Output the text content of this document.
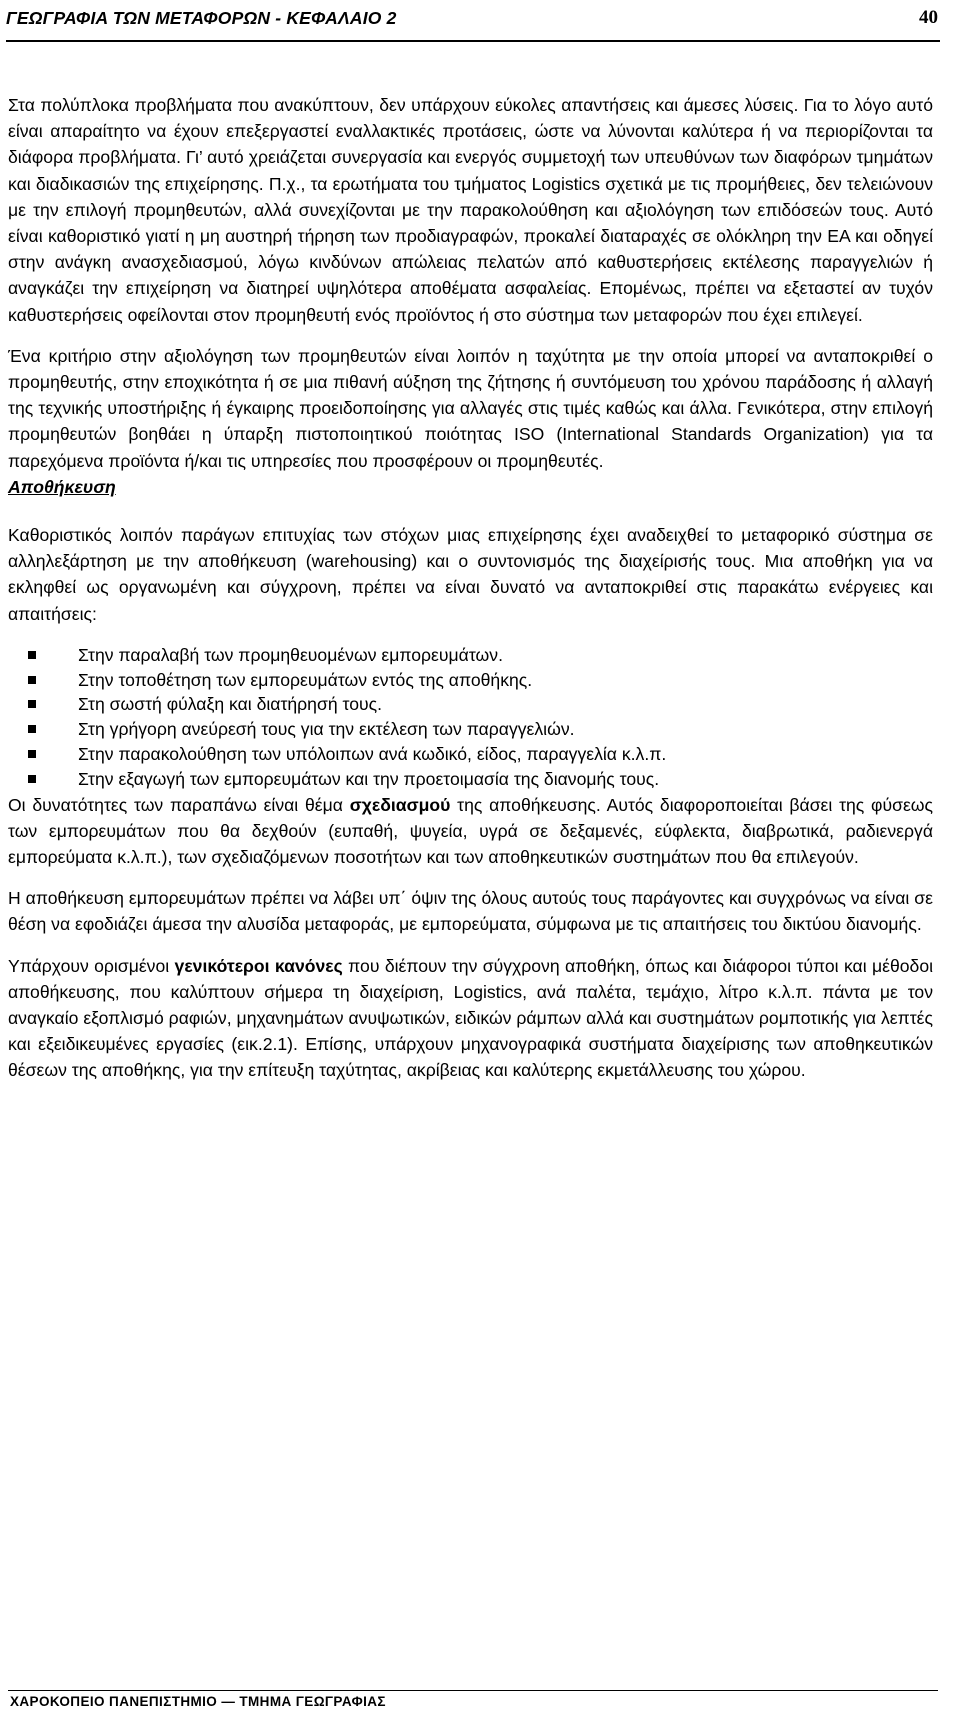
ΓΕΩΓΡΑΦΙΑ ΤΩΝ ΜΕΤΑΦΟΡΩΝ - ΚΕΦΑΛΑΙΟ 2	40

Στα πολύπλοκα προβλήματα που ανακύπτουν, δεν υπάρχουν εύκολες απαντήσεις και άμεσες λύσεις. Για το λόγο αυτό είναι απαραίτητο να έχουν επεξεργαστεί εναλλακτικές προτάσεις, ώστε να λύνονται καλύτερα ή να περιορίζονται τα διάφορα προβλήματα. Γι’ αυτό χρειάζεται συνεργασία και ενεργός συμμετοχή των υπευθύνων των διαφόρων τμημάτων και διαδικασιών της επιχείρησης. Π.χ., τα ερωτήματα του τμήματος Logistics σχετικά με τις προμήθειες, δεν τελειώνουν με την επιλογή προμηθευτών, αλλά συνεχίζονται με την παρακολούθηση και αξιολόγηση των επιδόσεών τους. Αυτό είναι καθοριστικό γιατί η μη αυστηρή τήρηση των προδιαγραφών, προκαλεί διαταραχές σε ολόκληρη την ΕΑ και οδηγεί στην ανάγκη ανασχεδιασμού, λόγω κινδύνων απώλειας πελατών από καθυστερήσεις εκτέλεσης παραγγελιών ή αναγκάζει την επιχείρηση να διατηρεί υψηλότερα αποθέματα ασφαλείας. Επομένως, πρέπει να εξεταστεί αν τυχόν καθυστερήσεις οφείλονται στον προμηθευτή ενός προϊόντος ή στο σύστημα των μεταφορών που έχει επιλεγεί.

Ένα κριτήριο στην αξιολόγηση των προμηθευτών είναι λοιπόν η ταχύτητα με την οποία μπορεί να ανταποκριθεί ο προμηθευτής, στην εποχικότητα ή σε μια πιθανή αύξηση της ζήτησης ή συντόμευση του χρόνου παράδοσης ή αλλαγή της τεχνικής υποστήριξης ή έγκαιρης προειδοποίησης για αλλαγές στις τιμές καθώς και άλλα. Γενικότερα, στην επιλογή προμηθευτών βοηθάει η ύπαρξη πιστοποιητικού ποιότητας ISO (International Standards Organization) για τα παρεχόμενα προϊόντα ή/και τις υπηρεσίες που προσφέρουν οι προμηθευτές.

Αποθήκευση

Καθοριστικός λοιπόν παράγων επιτυχίας των στόχων μιας επιχείρησης έχει αναδειχθεί το μεταφορικό σύστημα σε αλληλεξάρτηση με την αποθήκευση (warehousing) και ο συντονισμός της διαχείρισής τους. Μια αποθήκη για να εκληφθεί ως οργανωμένη και σύγχρονη, πρέπει να είναι δυνατό να ανταποκριθεί στις παρακάτω ενέργειες και απαιτήσεις:

Στην παραλαβή των προμηθευομένων εμπορευμάτων.
Στην τοποθέτηση των εμπορευμάτων εντός της αποθήκης.
Στη σωστή φύλαξη και διατήρησή τους.
Στη γρήγορη ανεύρεσή τους για την εκτέλεση των παραγγελιών.
Στην παρακολούθηση των υπόλοιπων ανά κωδικό, είδος, παραγγελία κ.λ.π.
Στην εξαγωγή των εμπορευμάτων και την προετοιμασία της διανομής τους.

Οι δυνατότητες των παραπάνω είναι θέμα σχεδιασμού της αποθήκευσης. Αυτός διαφοροποιείται βάσει της φύσεως των εμπορευμάτων που θα δεχθούν (ευπαθή, ψυγεία, υγρά σε δεξαμενές, εύφλεκτα, διαβρωτικά, ραδιενεργά εμπορεύματα κ.λ.π.), των σχεδιαζόμενων ποσοτήτων και των αποθηκευτικών συστημάτων που θα επιλεγούν.

Η αποθήκευση εμπορευμάτων πρέπει να λάβει υπ΄ όψιν της όλους αυτούς τους παράγοντες και συγχρόνως να είναι σε θέση να εφοδιάζει άμεσα την αλυσίδα μεταφοράς, με εμπορεύματα, σύμφωνα με τις απαιτήσεις του δικτύου διανομής.

Υπάρχουν ορισμένοι γενικότεροι κανόνες που διέπουν την σύγχρονη αποθήκη, όπως και διάφοροι τύποι και μέθοδοι αποθήκευσης, που καλύπτουν σήμερα τη διαχείριση, Logistics, ανά παλέτα, τεμάχιο, λίτρο κ.λ.π. πάντα με τον αναγκαίο εξοπλισμό ραφιών, μηχανημάτων ανυψωτικών, ειδικών ράμπων αλλά και συστημάτων ρομποτικής για λεπτές και εξειδικευμένες εργασίες (εικ.2.1). Επίσης, υπάρχουν μηχανογραφικά συστήματα διαχείρισης των αποθηκευτικών θέσεων της αποθήκης, για την επίτευξη ταχύτητας, ακρίβειας και καλύτερης εκμετάλλευσης του χώρου.

ΧΑΡΟΚΟΠΕΙΟ ΠΑΝΕΠΙΣΤΗΜΙΟ — ΤΜΗΜΑ ΓΕΩΓΡΑΦΙΑΣ
